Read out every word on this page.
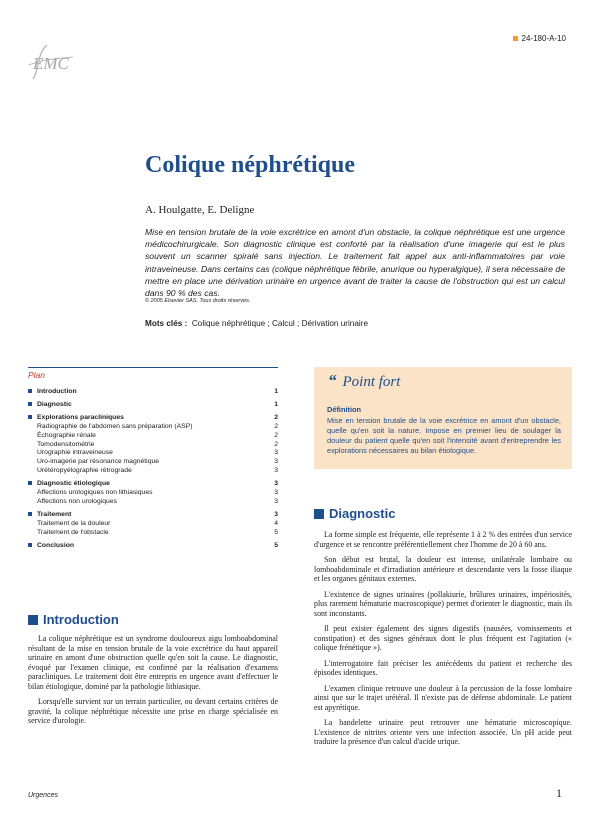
EMC
24-180-A-10
Colique néphrétique
A. Houlgatte, E. Deligne

Mise en tension brutale de la voie excrétrice en amont d'un obstacle, la colique néphrétique est une urgence médicochirurgicale. Son diagnostic clinique est conforté par la réalisation d'une imagerie qui est le plus souvent un scanner spiralé sans injection. Le traitement fait appel aux anti-inflammatoires par voie intraveineuse. Dans certains cas (colique néphrétique fébrile, anurique ou hyperalgique), il sera nécessaire de mettre en place une dérivation urinaire en urgence avant de traiter la cause de l'obstruction qui est un calcul dans 90 % des cas.

© 2005 Elsevier SAS. Tous droits réservés.
Mots clés : Colique néphrétique ; Calcul ; Dérivation urinaire
Plan
Introduction	1
Diagnostic	1
Explorations paracliniques	2
Radiographie de l'abdomen sans préparation (ASP)	2
Échographie rénale	2
Tomodensitométrie	2
Urographie intraveineuse	3
Uro-imagerie par résonance magnétique	3
Urétéropyélographie rétrograde	3
Diagnostic étiologique	3
Affections urologiques non lithiasiques	3
Affections non urologiques	3
Traitement	3
Traitement de la douleur	4
Traitement de l'obstacle	5
Conclusion	5
“ Point fort
Définition

Mise en tension brutale de la voie excrétrice en amont d'un obstacle, quelle qu'en soit la nature. Impose en premier lieu de soulager la douleur du patient quelle qu'en soit l'intensité avant d'entreprendre les explorations nécessaires au bilan étiologique.

Diagnostic

La forme simple est fréquente, elle représente 1 à 2 % des entrées d'un service d'urgence et se rencontre préférentiellement chez l'homme de 20 à 60 ans.

Son début est brutal, la douleur est intense, unilatérale lombaire ou lomboabdominale et d'irradiation antérieure et descendante vers la fosse iliaque et les organes génitaux externes.

L'existence de signes urinaires (pollakiurie, brûlures urinaires, impériosités, plus rarement hématurie macroscopique) permet d'orienter le diagnostic, mais ils sont inconstants.

Il peut exister également des signes digestifs (nausées, vomissements et constipation) et des signes généraux dont le plus fréquent est l'agitation (« colique frénétique »).

L'interrogatoire fait préciser les antécédents du patient et recherche des épisodes identiques.

L'examen clinique retrouve une douleur à la percussion de la fosse lombaire ainsi que sur le trajet urétéral. Il n'existe pas de défense abdominale. Le patient est apyrétique.

La bandelette urinaire peut retrouver une hématurie microscopique. L'existence de nitrites oriente vers une infection associée. Un pH acide peut traduire la présence d'un calcul d'acide urique.

Introduction

La colique néphrétique est un syndrome douloureux aigu lomboabdominal résultant de la mise en tension brutale de la voie excrétrice du haut appareil urinaire en amont d'une obstruction quelle qu'en soit la cause. Le diagnostic, évoqué par l'examen clinique, est confirmé par la réalisation d'examens paracliniques. Le traitement doit être entrepris en urgence avant d'effectuer le bilan étiologique, dominé par la pathologie lithiasique.

Lorsqu'elle survient sur un terrain particulier, ou devant certains critères de gravité, la colique néphrétique nécessite une prise en charge spécialisée en service d'urologie.

Urgences	1
